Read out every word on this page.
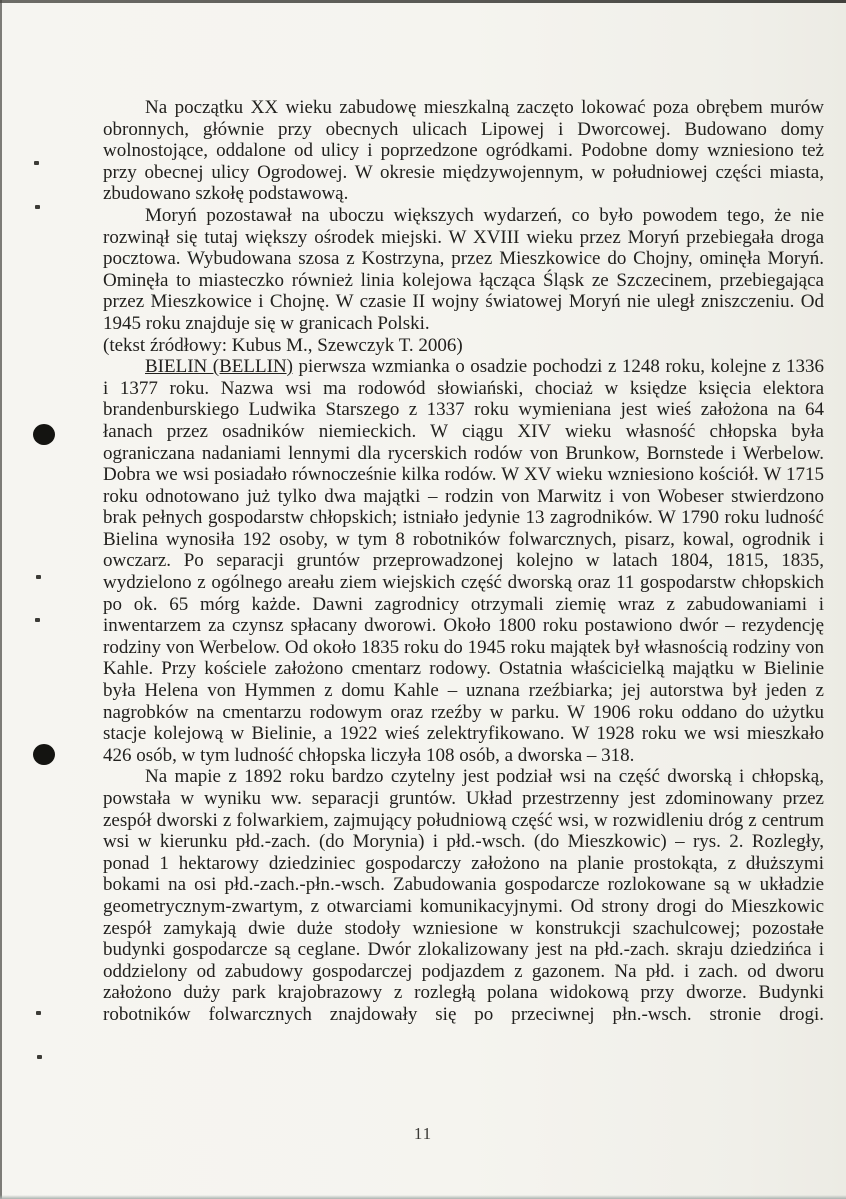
Na początku XX wieku zabudowę mieszkalną zaczęto lokować poza obrębem murów obronnych, głównie przy obecnych ulicach Lipowej i Dworcowej. Budowano domy wolnostojące, oddalone od ulicy i poprzedzone ogródkami. Podobne domy wzniesiono też przy obecnej ulicy Ogrodowej. W okresie międzywojennym, w południowej części miasta, zbudowano szkołę podstawową.

Moryń pozostawał na uboczu większych wydarzeń, co było powodem tego, że nie rozwinął się tutaj większy ośrodek miejski. W XVIII wieku przez Moryń przebiegała droga pocztowa. Wybudowana szosa z Kostrzyna, przez Mieszkowice do Chojny, ominęła Moryń. Ominęła to miasteczko również linia kolejowa łącząca Śląsk ze Szczecinem, przebiegająca przez Mieszkowice i Chojnę. W czasie II wojny światowej Moryń nie uległ zniszczeniu. Od 1945 roku znajduje się w granicach Polski.

(tekst źródłowy: Kubus M., Szewczyk T. 2006)

BIELIN (BELLIN) pierwsza wzmianka o osadzie pochodzi z 1248 roku, kolejne z 1336 i 1377 roku. Nazwa wsi ma rodowód słowiański, chociaż w księdze księcia elektora brandenburskiego Ludwika Starszego z 1337 roku wymieniana jest wieś założona na 64 łanach przez osadników niemieckich. W ciągu XIV wieku własność chłopska była ograniczana nadaniami lennymi dla rycerskich rodów von Brunkow, Bornstede i Werbelow. Dobra we wsi posiadało równocześnie kilka rodów. W XV wieku wzniesiono kościół. W 1715 roku odnotowano już tylko dwa majątki – rodzin von Marwitz i von Wobeser stwierdzono brak pełnych gospodarstw chłopskich; istniało jedynie 13 zagrodników. W 1790 roku ludność Bielina wynosiła 192 osoby, w tym 8 robotników folwarcznych, pisarz, kowal, ogrodnik i owczarz. Po separacji gruntów przeprowadzonej kolejno w latach 1804, 1815, 1835, wydzielono z ogólnego areału ziem wiejskich część dworską oraz 11 gospodarstw chłopskich po ok. 65 mórg każde. Dawni zagrodnicy otrzymali ziemię wraz z zabudowaniami i inwentarzem za czynsz spłacany dworowi. Około 1800 roku postawiono dwór – rezydencję rodziny von Werbelow. Od około 1835 roku do 1945 roku majątek był własnością rodziny von Kahle. Przy kościele założono cmentarz rodowy. Ostatnia właścicielką majątku w Bielinie była Helena von Hymmen z domu Kahle – uznana rzeźbiarka; jej autorstwa był jeden z nagrobków na cmentarzu rodowym oraz rzeźby w parku. W 1906 roku oddano do użytku stacje kolejową w Bielinie, a 1922 wieś zelektryfikowano. W 1928 roku we wsi mieszkało 426 osób, w tym ludność chłopska liczyła 108 osób, a dworska – 318.

Na mapie z 1892 roku bardzo czytelny jest podział wsi na część dworską i chłopską, powstała w wyniku ww. separacji gruntów. Układ przestrzenny jest zdominowany przez zespół dworski z folwarkiem, zajmujący południową część wsi, w rozwidleniu dróg z centrum wsi w kierunku płd.-zach. (do Morynia) i płd.-wsch. (do Mieszkowic) – rys. 2. Rozległy, ponad 1 hektarowy dziedziniec gospodarczy założono na planie prostokąta, z dłuższymi bokami na osi płd.-zach.-płn.-wsch. Zabudowania gospodarcze rozlokowane są w układzie geometrycznym-zwartym, z otwarciami komunikacyjnymi. Od strony drogi do Mieszkowic zespół zamykają dwie duże stodoły wzniesione w konstrukcji szachulcowej; pozostałe budynki gospodarcze są ceglane. Dwór zlokalizowany jest na płd.-zach. skraju dziedzińca i oddzielony od zabudowy gospodarczej podjazdem z gazonem. Na płd. i zach. od dworu założono duży park krajobrazowy z rozległą polana widokową przy dworze. Budynki robotników folwarcznych znajdowały się po przeciwnej płn.-wsch. stronie drogi.

11
